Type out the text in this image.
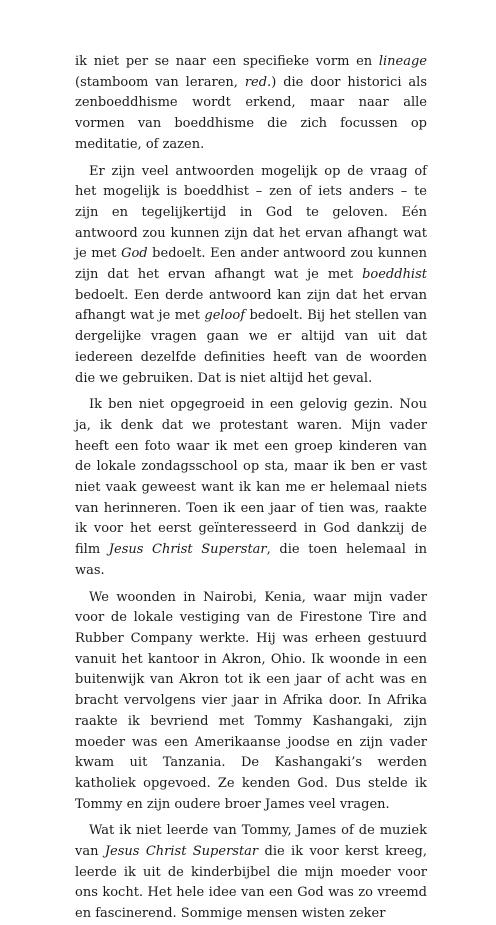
ik niet per se naar een specifieke vorm en lineage (stamboom van leraren, red.) die door historici als zenboeddhisme wordt erkend, maar naar alle vormen van boeddhisme die zich focussen op meditatie, of zazen.

Er zijn veel antwoorden mogelijk op de vraag of het mogelijk is boeddhist – zen of iets anders – te zijn en tegelijkertijd in God te geloven. Eén antwoord zou kunnen zijn dat het ervan afhangt wat je met God bedoelt. Een ander antwoord zou kunnen zijn dat het ervan afhangt wat je met boeddhist bedoelt. Een derde antwoord kan zijn dat het ervan afhangt wat je met geloof bedoelt. Bij het stellen van dergelijke vragen gaan we er altijd van uit dat iedereen dezelfde definities heeft van de woorden die we gebruiken. Dat is niet altijd het geval.

Ik ben niet opgegroeid in een gelovig gezin. Nou ja, ik denk dat we protestant waren. Mijn vader heeft een foto waar ik met een groep kinderen van de lokale zondagsschool op sta, maar ik ben er vast niet vaak geweest want ik kan me er helemaal niets van herinneren. Toen ik een jaar of tien was, raakte ik voor het eerst geïnteresseerd in God dankzij de film Jesus Christ Superstar, die toen helemaal in was.

We woonden in Nairobi, Kenia, waar mijn vader voor de lokale vestiging van de Firestone Tire and Rubber Company werkte. Hij was erheen gestuurd vanuit het kantoor in Akron, Ohio. Ik woonde in een buitenwijk van Akron tot ik een jaar of acht was en bracht vervolgens vier jaar in Afrika door. In Afrika raakte ik bevriend met Tommy Kashangaki, zijn moeder was een Amerikaanse joodse en zijn vader kwam uit Tanzania. De Kashangaki’s werden katholiek opgevoed. Ze kenden God. Dus stelde ik Tommy en zijn oudere broer James veel vragen.

Wat ik niet leerde van Tommy, James of de muziek van Jesus Christ Superstar die ik voor kerst kreeg, leerde ik uit de kinderbijbel die mijn moeder voor ons kocht. Het hele idee van een God was zo vreemd en fascinerend. Sommige mensen wisten zeker
